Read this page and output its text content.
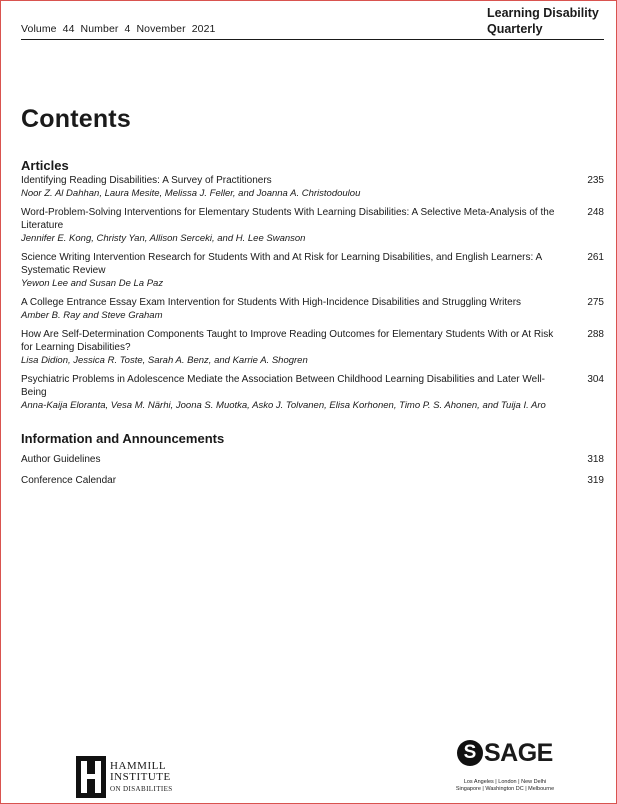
Volume 44 Number 4 November 2021
Learning Disability
Quarterly
Contents
Articles
Identifying Reading Disabilities: A Survey of Practitioners
Noor Z. Al Dahhan, Laura Mesite, Melissa J. Feller, and Joanna A. Christodoulou
235
Word-Problem-Solving Interventions for Elementary Students With Learning Disabilities: A Selective Meta-Analysis of the Literature
Jennifer E. Kong, Christy Yan, Allison Serceki, and H. Lee Swanson
248
Science Writing Intervention Research for Students With and At Risk for Learning Disabilities, and English Learners: A Systematic Review
Yewon Lee and Susan De La Paz
261
A College Entrance Essay Exam Intervention for Students With High-Incidence Disabilities and Struggling Writers
Amber B. Ray and Steve Graham
275
How Are Self-Determination Components Taught to Improve Reading Outcomes for Elementary Students With or At Risk for Learning Disabilities?
Lisa Didion, Jessica R. Toste, Sarah A. Benz, and Karrie A. Shogren
288
Psychiatric Problems in Adolescence Mediate the Association Between Childhood Learning Disabilities and Later Well-Being
Anna-Kaija Eloranta, Vesa M. Närhi, Joona S. Muotka, Asko J. Tolvanen, Elisa Korhonen, Timo P. S. Ahonen, and Tuija I. Aro
304
Information and Announcements
Author Guidelines	318
Conference Calendar	319
HAMMILL
INSTITUTE
ON DISABILITIES
S SAGE
Los Angeles | London | New Delhi
Singapore | Washington DC | Melbourne
